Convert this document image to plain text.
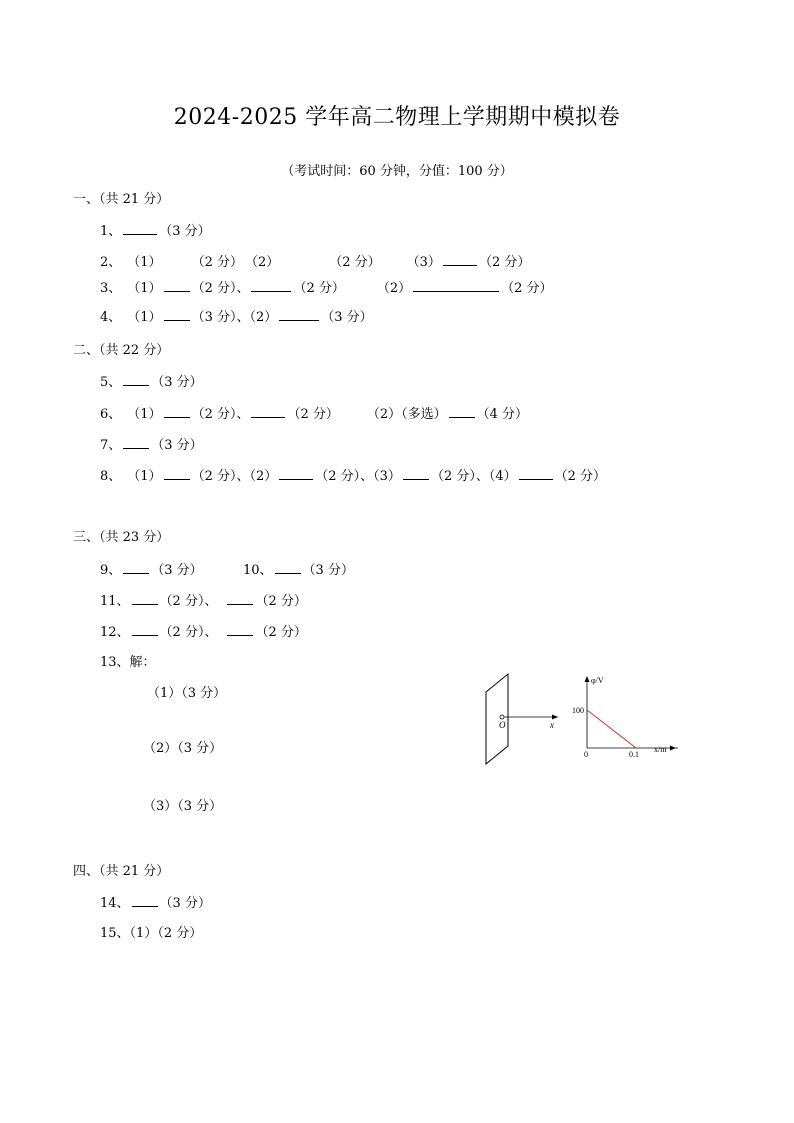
2024-2025 学年高二物理上学期期中模拟卷
（考试时间：60 分钟，分值：100 分）
一、（共 21 分）
1、	（3 分）
2、 （1） （2 分） （2）	（2 分） （3）	（2 分）
3、 （1） （2 分）、	（2 分） （2）	（2 分）
4、 （1） （3 分）、（2）	（3 分）
二、（共 22 分）
5、 （3 分）
6、 （1） （2 分）、	（2 分） （2）（多选） （4 分）
7、 （3 分）
8、 （1） （2 分）、（2）	（2 分）、（3） （2 分）、（4）	（2 分）
三、（共 23 分）
9、 （3 分）	10、 （3 分）
11、 （2 分）、	（2 分）
12、 （2 分）、	（2 分）
13、解：
（1）（3 分）
（2）（3 分）
（3）（3 分）
O	x
φ/V
x/m
100
0	0.1
四、（共 21 分）
14、 （3 分）
15、（1）（2 分）
